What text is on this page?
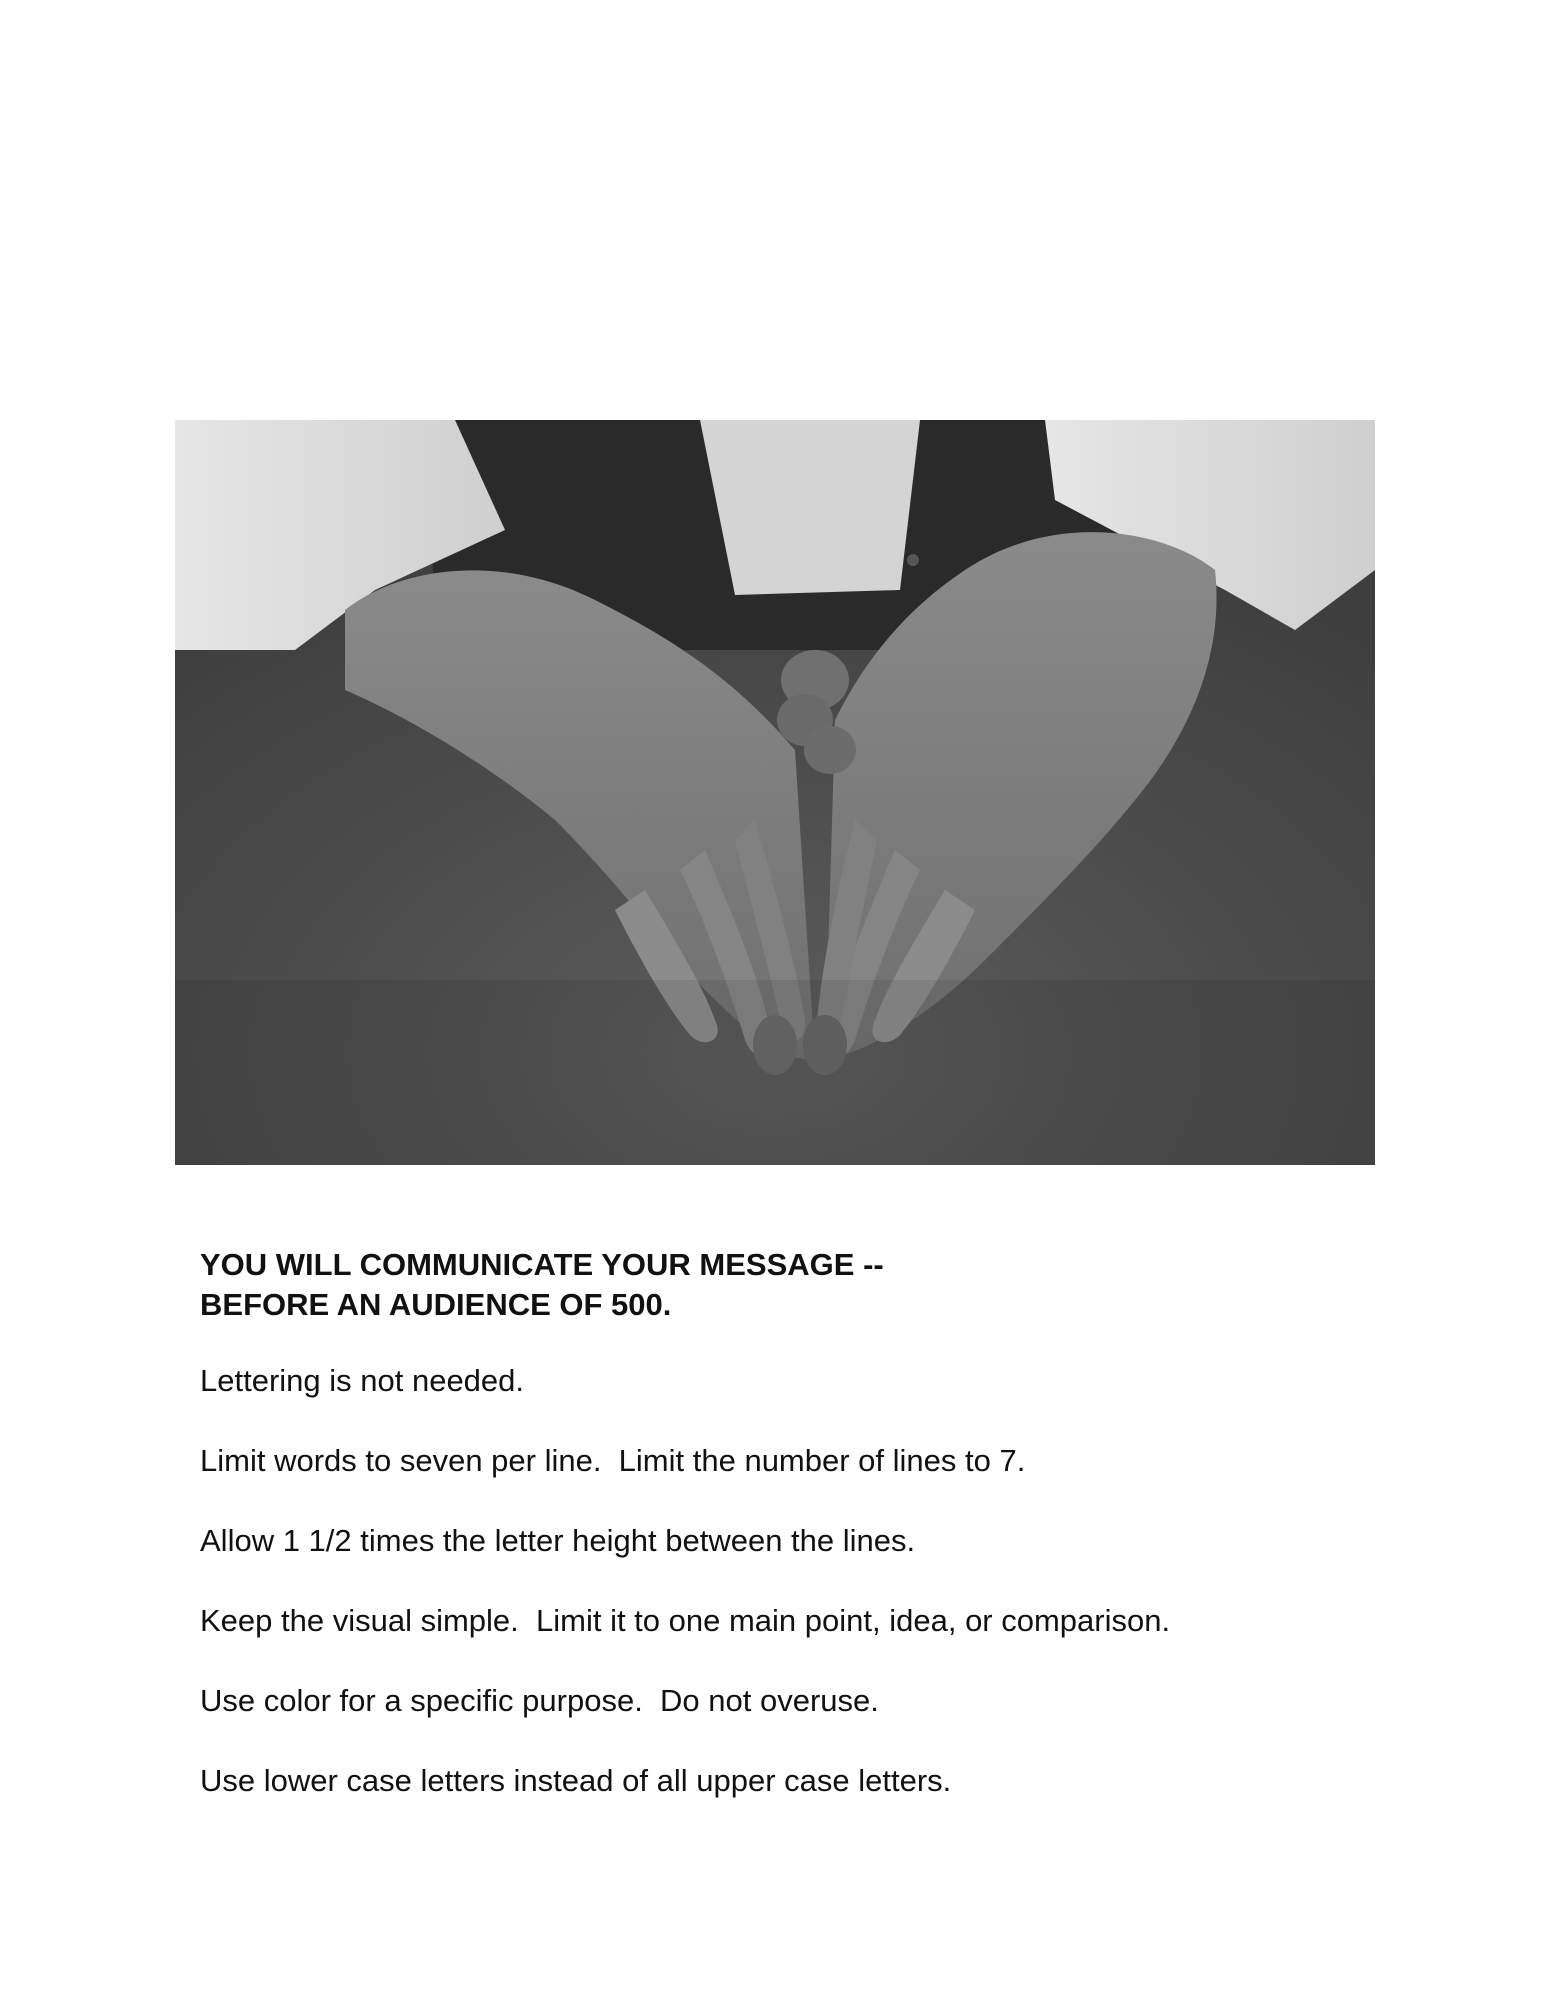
YOU WILL COMMUNICATE YOUR MESSAGE --
BEFORE AN AUDIENCE OF 500.
Lettering is not needed.
Limit words to seven per line.  Limit the number of lines to 7.
Allow 1 1/2 times the letter height between the lines.
Keep the visual simple.  Limit it to one main point, idea, or comparison.
Use color for a specific purpose.  Do not overuse.
Use lower case letters instead of all upper case letters.
